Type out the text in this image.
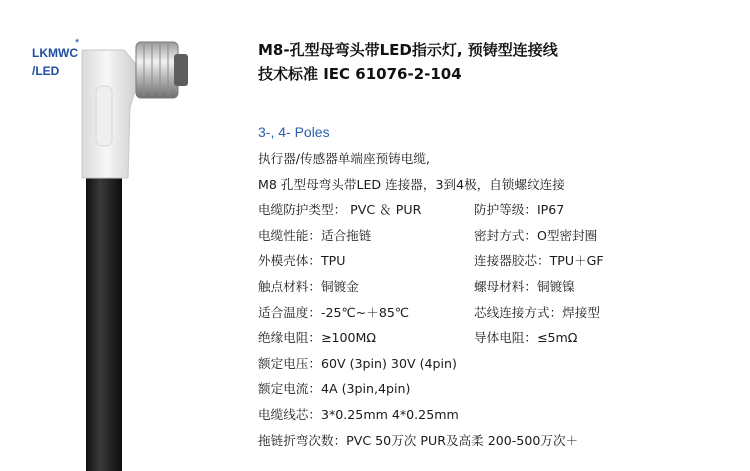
*
LKMWC
/LED
M8-孔型母弯头带LED指示灯, 预铸型连接线
技术标准 IEC 61076-2-104
3-, 4- Poles
执行器/传感器单端座预铸电缆,
M8 孔型母弯头带LED 连接器，3到4极，自锁螺纹连接
电缆防护类型： PVC ＆ PUR	防护等级：IP67
电缆性能：适合拖链	密封方式：O型密封圈
外模壳体：TPU	连接器胶芯：TPU＋GF
触点材料：铜镀金	螺母材料：铜镀镍
适合温度：-25℃~＋85℃	芯线连接方式：焊接型
绝缘电阻：≥100MΩ	导体电阻：≤5mΩ
额定电压：60V (3pin) 30V (4pin)
额定电流：4A (3pin,4pin)
电缆线芯：3*0.25mm 4*0.25mm
拖链折弯次数：PVC 50万次 PUR及高柔 200-500万次＋
